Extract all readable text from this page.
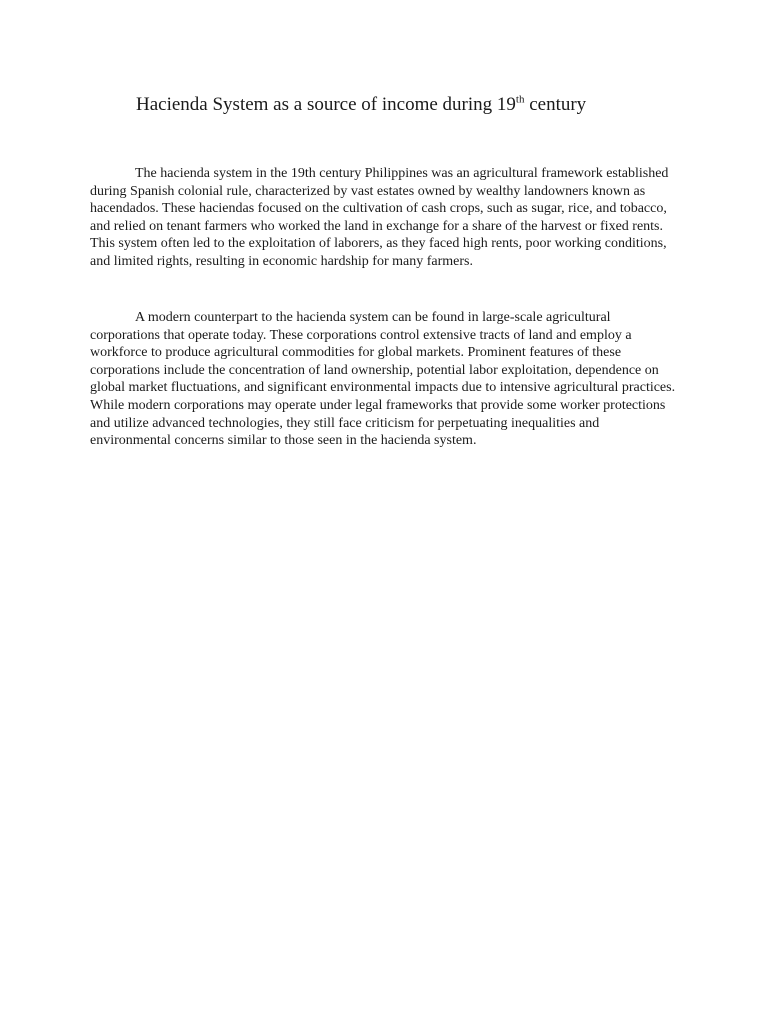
Hacienda System as a source of income during 19th century

The hacienda system in the 19th century Philippines was an agricultural framework established during Spanish colonial rule, characterized by vast estates owned by wealthy landowners known as hacendados. These haciendas focused on the cultivation of cash crops, such as sugar, rice, and tobacco, and relied on tenant farmers who worked the land in exchange for a share of the harvest or fixed rents. This system often led to the exploitation of laborers, as they faced high rents, poor working conditions, and limited rights, resulting in economic hardship for many farmers.

A modern counterpart to the hacienda system can be found in large-scale agricultural corporations that operate today. These corporations control extensive tracts of land and employ a workforce to produce agricultural commodities for global markets. Prominent features of these corporations include the concentration of land ownership, potential labor exploitation, dependence on global market fluctuations, and significant environmental impacts due to intensive agricultural practices. While modern corporations may operate under legal frameworks that provide some worker protections and utilize advanced technologies, they still face criticism for perpetuating inequalities and environmental concerns similar to those seen in the hacienda system.
